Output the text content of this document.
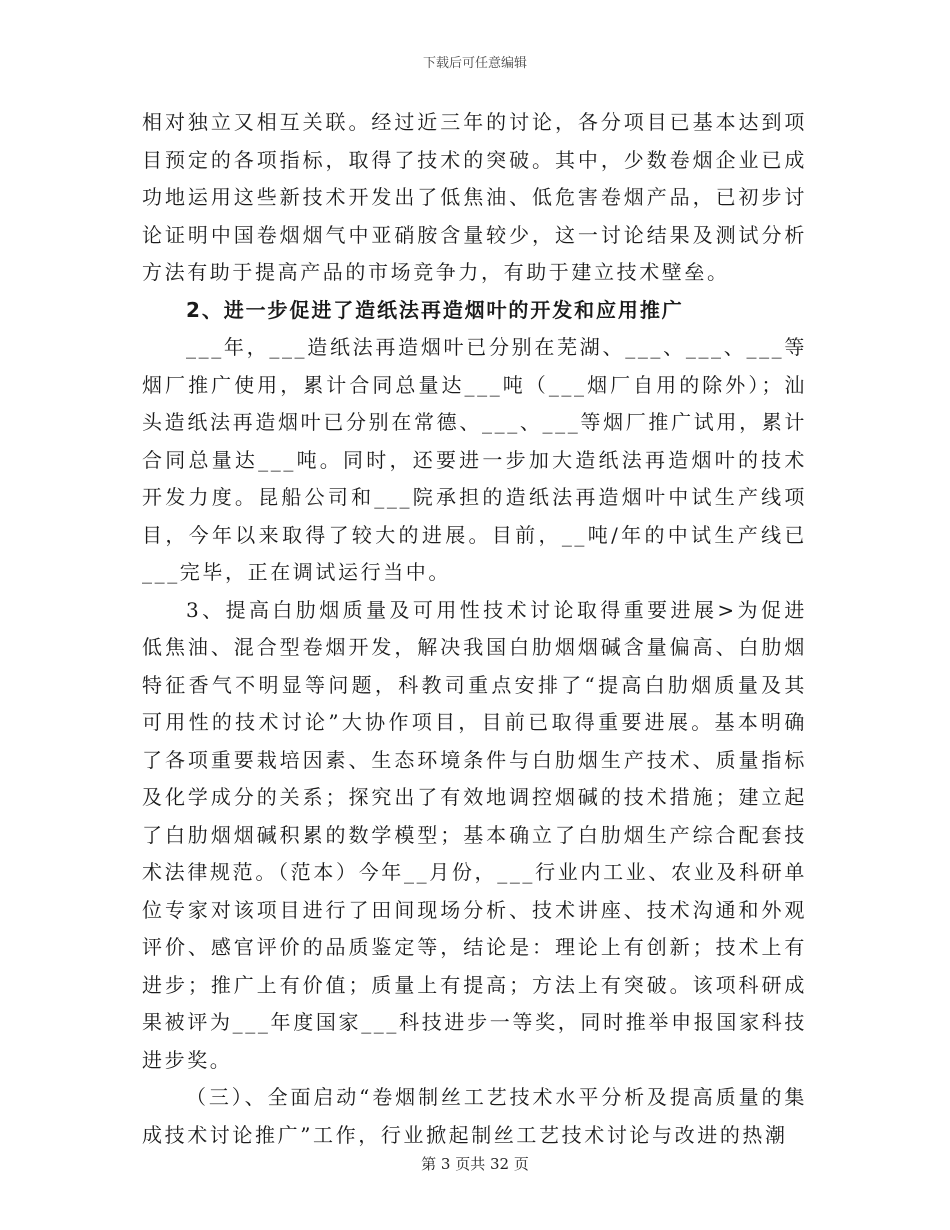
下载后可任意编辑

相对独立又相互关联。经过近三年的讨论，各分项目已基本达到项目预定的各项指标，取得了技术的突破。其中，少数卷烟企业已成功地运用这些新技术开发出了低焦油、低危害卷烟产品，已初步讨论证明中国卷烟烟气中亚硝胺含量较少，这一讨论结果及测试分析方法有助于提高产品的市场竞争力，有助于建立技术壁垒。

2、进一步促进了造纸法再造烟叶的开发和应用推广

___年，___造纸法再造烟叶已分别在芜湖、___、___、___等烟厂推广使用，累计合同总量达___吨（___烟厂自用的除外）；汕头造纸法再造烟叶已分别在常德、___、___等烟厂推广试用，累计合同总量达___吨。同时，还要进一步加大造纸法再造烟叶的技术开发力度。昆船公司和___院承担的造纸法再造烟叶中试生产线项目，今年以来取得了较大的进展。目前，__吨/年的中试生产线已___完毕，正在调试运行当中。

3、提高白肋烟质量及可用性技术讨论取得重要进展>为促进低焦油、混合型卷烟开发，解决我国白肋烟烟碱含量偏高、白肋烟特征香气不明显等问题，科教司重点安排了“提高白肋烟质量及其可用性的技术讨论”大协作项目，目前已取得重要进展。基本明确了各项重要栽培因素、生态环境条件与白肋烟生产技术、质量指标及化学成分的关系；探究出了有效地调控烟碱的技术措施；建立起了白肋烟烟碱积累的数学模型；基本确立了白肋烟生产综合配套技术法律规范。（范本）今年__月份，___行业内工业、农业及科研单位专家对该项目进行了田间现场分析、技术讲座、技术沟通和外观评价、感官评价的品质鉴定等，结论是：理论上有创新；技术上有进步；推广上有价值；质量上有提高；方法上有突破。该项科研成果被评为___年度国家___科技进步一等奖，同时推举申报国家科技进步奖。

（三）、全面启动“卷烟制丝工艺技术水平分析及提高质量的集成技术讨论推广”工作，行业掀起制丝工艺技术讨论与改进的热潮

第 3 页共 32 页
